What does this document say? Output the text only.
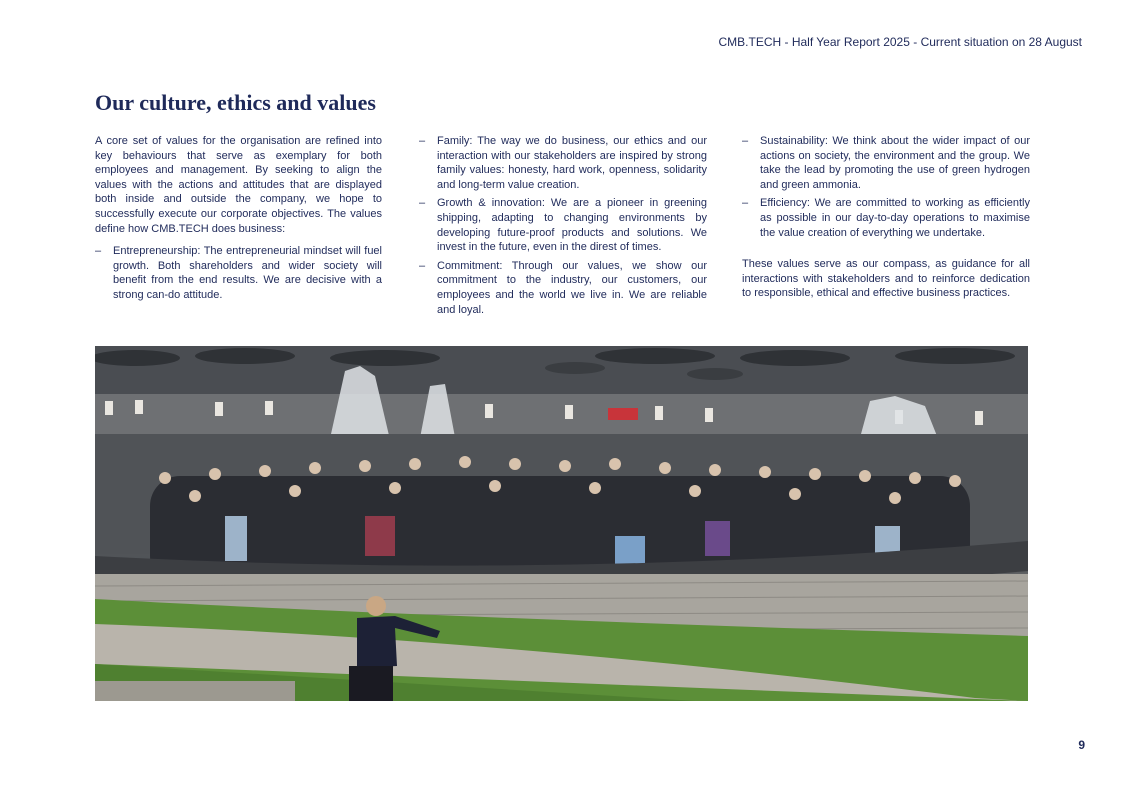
CMB.TECH - Half Year Report 2025 - Current situation on 28 August
Our culture, ethics and values

A core set of values for the organisation are refined into key behaviours that serve as exemplary for both employees and management. By seeking to align the values with the actions and attitudes that are displayed both inside and outside the company, we hope to successfully execute our corporate objectives. The values define how CMB.TECH does business:

– Entrepreneurship: The entrepreneurial mindset will fuel growth. Both shareholders and wider society will benefit from the end results. We are decisive with a strong can-do attitude.

– Family: The way we do business, our ethics and our interaction with our stakeholders are inspired by strong family values: honesty, hard work, openness, solidarity and long-term value creation.

– Growth & innovation: We are a pioneer in greening shipping, adapting to changing environments by developing future-proof products and solutions. We invest in the future, even in the direst of times.

– Commitment: Through our values, we show our commitment to the industry, our customers, our employees and the world we live in. We are reliable and loyal.

– Sustainability: We think about the wider impact of our actions on society, the environment and the group. We take the lead by promoting the use of green hydrogen and green ammonia.

– Efficiency: We are committed to working as efficiently as possible in our day-to-day operations to maximise the value creation of everything we undertake.

These values serve as our compass, as guidance for all interactions with stakeholders and to reinforce dedication to responsible, ethical and effective business practices.

9
